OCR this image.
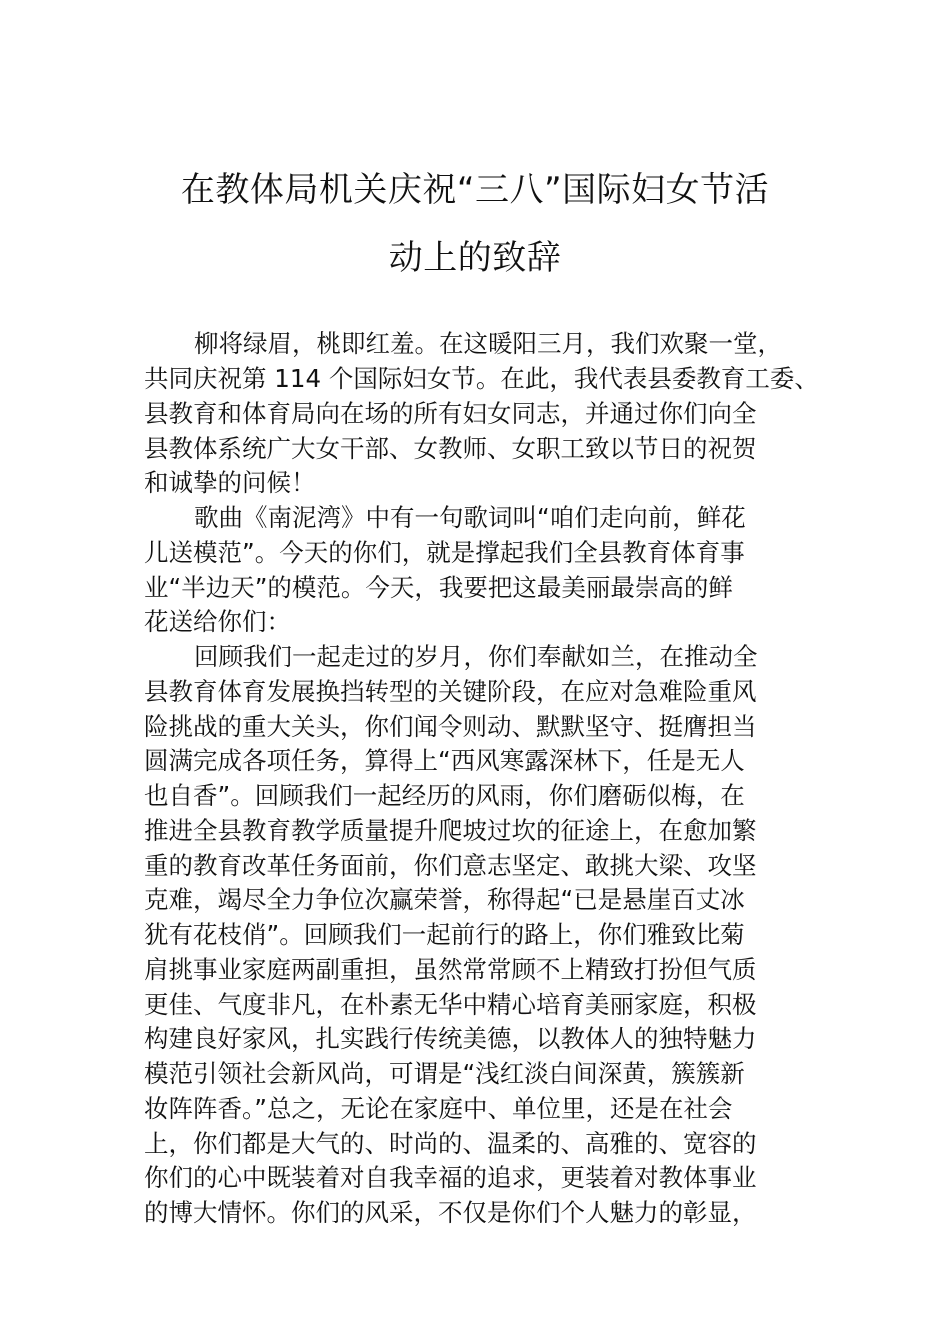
在教体局机关庆祝“三八”国际妇女节活
动上的致辞
柳将绿眉，桃即红羞。在这暖阳三月，我们欢聚一堂，
共同庆祝第 114 个国际妇女节。在此，我代表县委教育工委、
县教育和体育局向在场的所有妇女同志，并通过你们向全
县教体系统广大女干部、女教师、女职工致以节日的祝贺
和诚挚的问候！
歌曲《南泥湾》中有一句歌词叫“咱们走向前，鲜花
儿送模范”。今天的你们，就是撑起我们全县教育体育事
业“半边天”的模范。今天，我要把这最美丽最崇高的鲜
花送给你们：
回顾我们一起走过的岁月，你们奉献如兰，在推动全
县教育体育发展换挡转型的关键阶段，在应对急难险重风
险挑战的重大关头，你们闻令则动、默默坚守、挺膺担当
圆满完成各项任务，算得上“西风寒露深林下，任是无人
也自香”。回顾我们一起经历的风雨，你们磨砺似梅，在
推进全县教育教学质量提升爬坡过坎的征途上，在愈加繁
重的教育改革任务面前，你们意志坚定、敢挑大梁、攻坚
克难，竭尽全力争位次赢荣誉，称得起“已是悬崖百丈冰
犹有花枝俏”。回顾我们一起前行的路上，你们雅致比菊
肩挑事业家庭两副重担，虽然常常顾不上精致打扮但气质
更佳、气度非凡，在朴素无华中精心培育美丽家庭，积极
构建良好家风，扎实践行传统美德，以教体人的独特魅力
模范引领社会新风尚，可谓是“浅红淡白间深黄，簇簇新
妆阵阵香。”总之，无论在家庭中、单位里，还是在社会
上，你们都是大气的、时尚的、温柔的、高雅的、宽容的
你们的心中既装着对自我幸福的追求，更装着对教体事业
的博大情怀。你们的风采，不仅是你们个人魅力的彰显，
